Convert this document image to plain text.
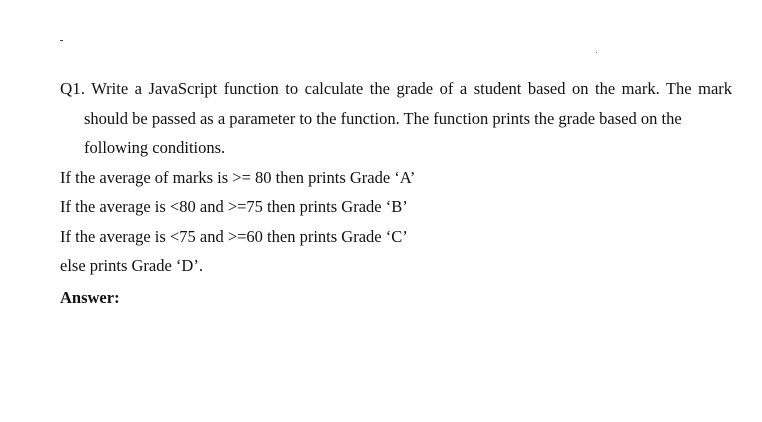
Q1. Write a JavaScript function to calculate the grade of a student based on the mark. The mark
should be passed as a parameter to the function. The function prints the grade based on the
following conditions.
If the average of marks is >= 80 then prints Grade ‘A’
If the average is <80 and >=75 then prints Grade ‘B’
If the average is <75 and >=60 then prints Grade ‘C’
else prints Grade ‘D’.
Answer:
